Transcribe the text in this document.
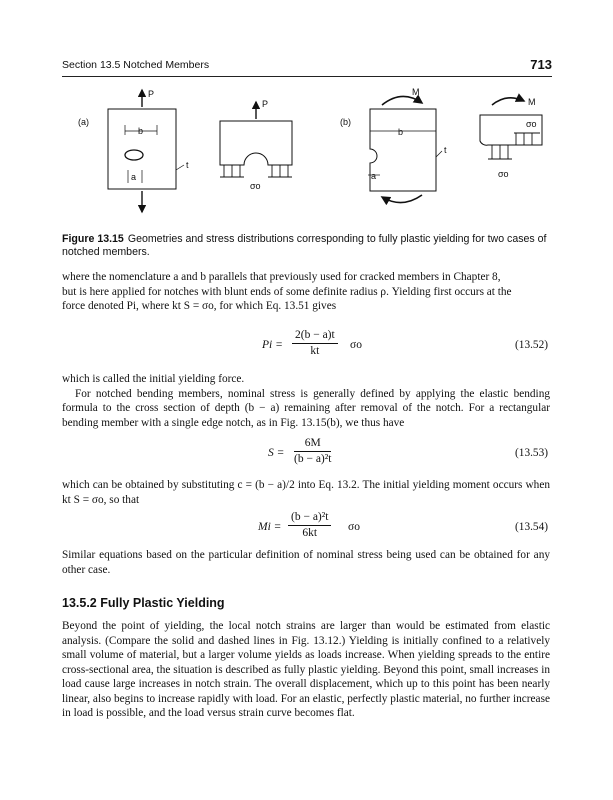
Section 13.5 Notched Members	713
(a)
P
b
a
t
P
σo
(b)
M
b
a
t
M
σo
σo
Figure 13.15 Geometries and stress distributions corresponding to fully plastic yielding for two cases of notched members.
where the nomenclature a and b parallels that previously used for cracked members in Chapter 8,
but is here applied for notches with blunt ends of some definite radius ρ. Yielding first occurs at the
force denoted Pi, where kt S = σo, for which Eq. 13.51 gives
$Pi = \frac{2(b - a)t}{kt}$ σo	(13.52)
which is called the initial yielding force.
For notched bending members, nominal stress is generally defined by applying the elastic bending formula to the cross section of depth (b − a) remaining after removal of the notch. For a rectangular bending member with a single edge notch, as in Fig. 13.15(b), we thus have
$S = \frac{6M}{\text{(b − a)²t}}$	(13.53)
which can be obtained by substituting c = (b − a)/2 into Eq. 13.2. The initial yielding moment occurs when kt S = σo, so that
$Mi = \frac{\text{(b − a)²t}}{6kt}$ σo	(13.54)
Similar equations based on the particular definition of nominal stress being used can be obtained for any other case.
13.5.2 Fully Plastic Yielding
Beyond the point of yielding, the local notch strains are larger than would be estimated from elastic analysis. (Compare the solid and dashed lines in Fig. 13.12.) Yielding is initially confined to a relatively small volume of material, but a larger volume yields as loads increase. When yielding spreads to the entire cross-sectional area, the situation is described as fully plastic yielding. Beyond this point, small increases in load cause large increases in notch strain. The overall displacement, which up to this point has been nearly linear, also begins to increase rapidly with load. For an elastic, perfectly plastic material, no further increase in load is possible, and the load versus strain curve becomes flat.
